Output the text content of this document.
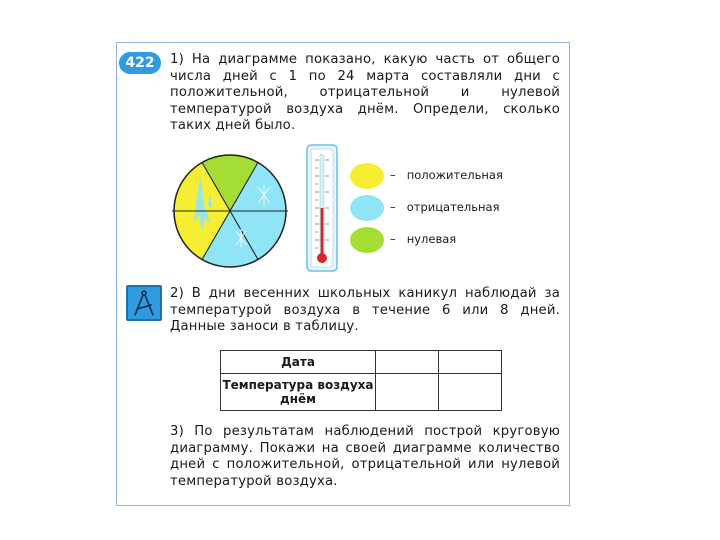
422	1) На диаграмме показано, какую часть от общего числа дней с 1 по 24 марта составляли дни с положительной, отрицательной и нулевой температурой воздуха днём. Определи, сколько таких дней было.

– положительная
– отрицательная
– нулевая

2) В дни весенних школьных каникул наблюдай за температурой воздуха в течение 6 или 8 дней. Данные заноси в таблицу.

Дата		
Температура воздуха днём		

3) По результатам наблюдений построй круговую диаграмму. Покажи на своей диаграмме количество дней с положительной, отрицательной или нулевой температурой воздуха.
